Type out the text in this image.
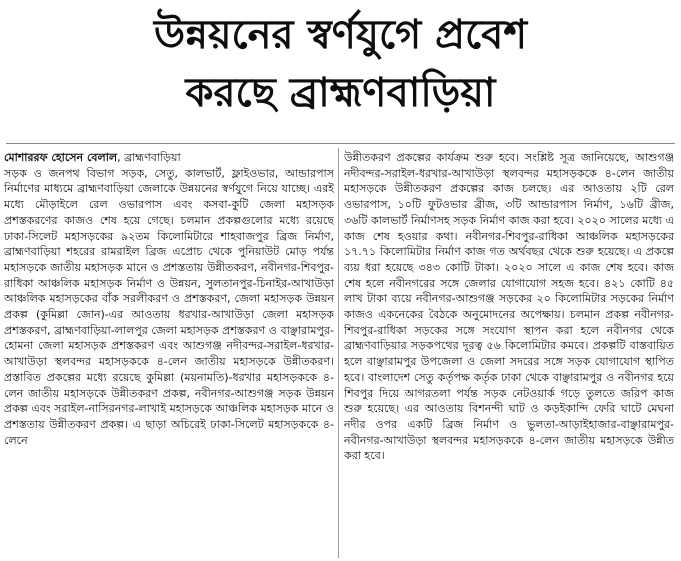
উন্নয়নের স্বর্ণযুগে প্রবেশ
করছে ব্রাহ্মণবাড়িয়া

মোশাররফ হোসেন বেলাল, ব্রাহ্মণবাড়িয়া

সড়ক ও জনপথ বিভাগ সড়ক, সেতু, কালভার্ট, ফ্লাইওভার, আন্ডারপাস নির্মাণের মাধ্যমে ব্রাহ্মণবাড়িয়া জেলাকে উন্নয়নের স্বর্ণযুগে নিয়ে যাচ্ছে। এরই মধ্যে মৌড়াইলে রেল ওভারপাস এবং কসবা-কুটি জেলা মহাসড়ক প্রশস্তকরণের কাজও শেষ হয়ে গেছে। চলমান প্রকল্পগুলোর মধ্যে রয়েছে ঢাকা-সিলেট মহাসড়কের ৯২তম কিলোমিটারে শাহবাজপুর ব্রিজ নির্মাণ, ব্রাহ্মণবাড়িয়া শহরের রামরাইল ব্রিজ এপ্রোচ থেকে পুনিয়াউট মোড় পর্যন্ত মহাসড়কে জাতীয় মহাসড়ক মানে ও প্রশস্ততায় উন্নীতকরণ, নবীনগর-শিবপুর-রাধিকা আঞ্চলিক মহাসড়ক নির্মাণ ও উন্নয়ন, সুলতানপুর-চিনাইর-আখাউড়া আঞ্চলিক মহাসড়কের বাঁক সরলীকরণ ও প্রশস্তকরণ, জেলা মহাসড়ক উন্নয়ন প্রকল্প (কুমিল্লা জোন)-এর আওতায় ধরখার-আখাউড়া জেলা মহাসড়ক প্রশস্তকরণ, ব্রাহ্মণবাড়িয়া-লালপুর জেলা মহাসড়ক প্রশস্তকরণ ও বাঞ্ছারামপুর-হোমনা জেলা মহাসড়ক প্রশস্তকরণ এবং আশুগঞ্জ নদীবন্দর-সরাইল-ধরখার-আখাউড়া স্থলবন্দর মহাসড়ককে ৪-লেন জাতীয় মহাসড়কে উন্নীতকরণ। প্রস্তাবিত প্রকল্পের মধ্যে রয়েছে কুমিল্লা (ময়নামতি)-ধরখার মহাসড়ককে ৪-লেন জাতীয় মহাসড়কে উন্নীতকরণ প্রকল্প, নবীনগর-আশুগঞ্জ সড়ক উন্নয়ন প্রকল্প এবং সরাইল-নাসিরনগর-লাখাই মহাসড়কে আঞ্চলিক মহাসড়ক মানে ও প্রশস্ততায় উন্নীতকরণ প্রকল্প। এ ছাড়া অচিরেই ঢাকা-সিলেট মহাসড়ককে ৪-লেনে

উন্নীতকরণ প্রকল্পের কার্যক্রম শুরু হবে। সংশ্লিষ্ট সূত্র জানিয়েছে, আশুগঞ্জ নদীবন্দর-সরাইল-ধরখার-আখাউড়া স্থলবন্দর মহাসড়ককে ৪-লেন জাতীয় মহাসড়কে উন্নীতকরণ প্রকল্পের কাজ চলছে। এর আওতায় ২টি রেল ওভারপাস, ১০টি ফুটওভার ব্রীজ, ৩টি আন্ডারপাস নির্মাণ, ১৬টি ব্রীজ, ৩৬টি কালভার্ট নির্মাণসহ সড়ক নির্মাণ কাজ করা হবে। ২০২০ সালের মধ্যে এ কাজ শেষ হওয়ার কথা। নবীনগর-শিবপুর-রাধিকা আঞ্চলিক মহাসড়কের ১৭.৭১ কিলোমিটার নির্মাণ কাজ গত অর্থবছর থেকে শুরু হয়েছে। এ প্রকল্পে ব্যয় ধরা হয়েছে ৩৪৩ কোটি টাকা। ২০২০ সালে এ কাজ শেষ হবে। কাজ শেষ হলে নবীনগরের সঙ্গে জেলার যোগাযোগ সহজ হবে। ৪২১ কোটি ৪৫ লাখ টাকা ব্যয়ে নবীনগর-আশুগঞ্জ সড়কের ২০ কিলোমিটার সড়কের নির্মাণ কাজও একনেকের বৈঠকে অনুমোদনের অপেক্ষায়। চলমান প্রকল্প নবীনগর-শিবপুর-রাধিকা সড়কের সঙ্গে সংযোগ স্থাপন করা হলে নবীনগর থেকে ব্রাহ্মণবাড়িয়ার সড়কপথের দূরত্ব ৫৬ কিলোমিটার কমবে। প্রকল্পটি বাস্তবায়িত হলে বাঞ্ছারামপুর উপজেলা ও জেলা সদরের সঙ্গে সড়ক যোগাযোগ স্থাপিত হবে। বাংলাদেশ সেতু কর্তৃপক্ষ কর্তৃক ঢাকা থেকে বাঞ্ছারামপুর ও নবীনগর হয়ে শিবপুর দিয়ে আগরতলা পর্যন্ত সড়ক নেটওয়ার্ক গড়ে তুলতে জরিপ কাজ শুরু হয়েছে। এর আওতায় বিশনন্দী ঘাট ও কড়ইকান্দি ফেরি ঘাটে মেঘনা নদীর ওপর একটি ব্রিজ নির্মাণ ও ভুলতা-আড়াইহাজার-বাঞ্ছারামপুর-নবীনগর-আখাউড়া স্থলবন্দর মহাসড়ককে ৪-লেন জাতীয় মহাসড়কে উন্নীত করা হবে।
